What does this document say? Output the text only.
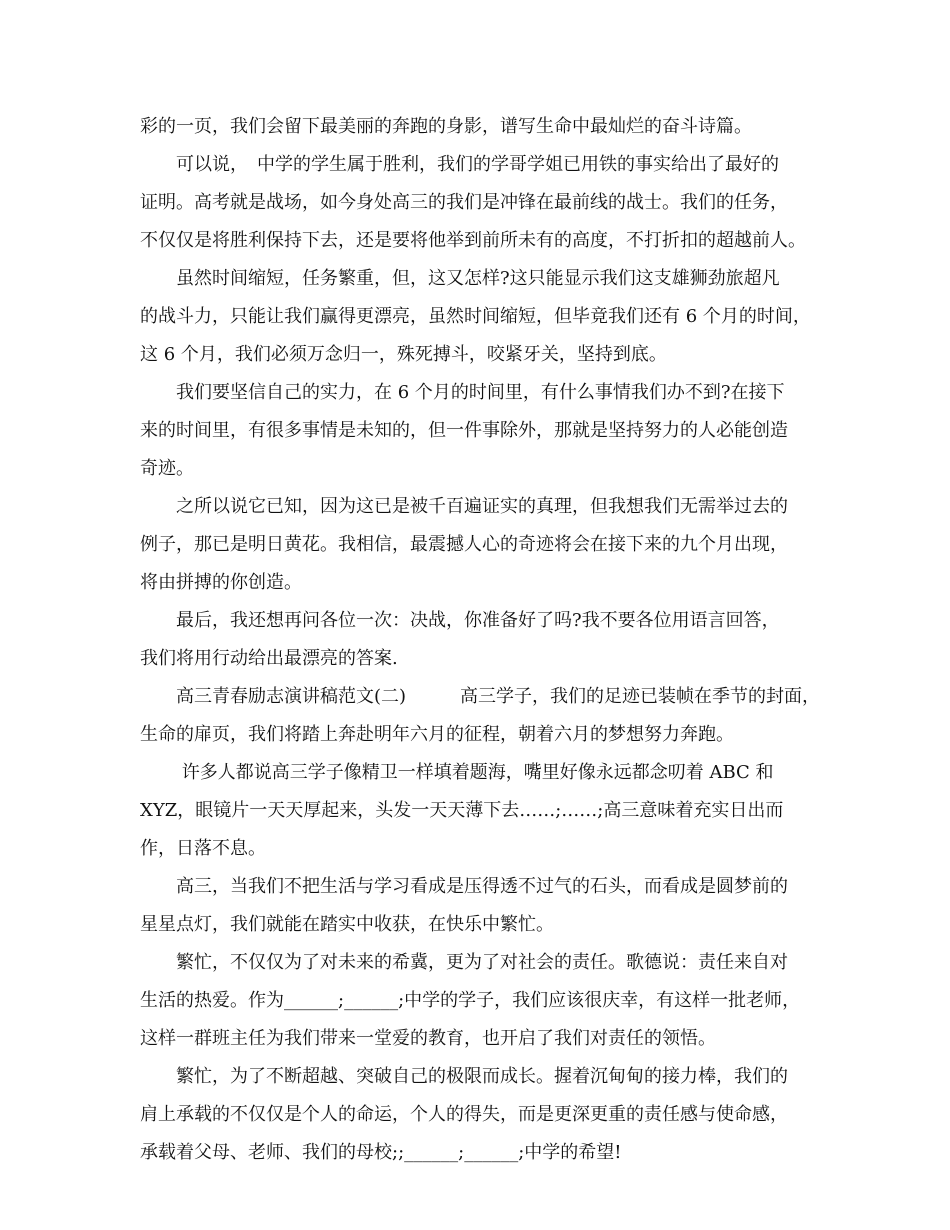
彩的一页，我们会留下最美丽的奔跑的身影，谱写生命中最灿烂的奋斗诗篇。
　　可以说，　中学的学生属于胜利，我们的学哥学姐已用铁的事实给出了最好的
证明。高考就是战场，如今身处高三的我们是冲锋在最前线的战士。我们的任务，
不仅仅是将胜利保持下去，还是要将他举到前所未有的高度，不打折扣的超越前人。
　　虽然时间缩短，任务繁重，但，这又怎样?这只能显示我们这支雄狮劲旅超凡
的战斗力，只能让我们赢得更漂亮，虽然时间缩短，但毕竟我们还有 6 个月的时间，
这 6 个月，我们必须万念归一，殊死搏斗，咬紧牙关，坚持到底。
　　我们要坚信自己的实力，在 6 个月的时间里，有什么事情我们办不到?在接下
来的时间里，有很多事情是未知的，但一件事除外，那就是坚持努力的人必能创造
奇迹。
　　之所以说它已知，因为这已是被千百遍证实的真理，但我想我们无需举过去的
例子，那已是明日黄花。我相信，最震撼人心的奇迹将会在接下来的九个月出现，
将由拼搏的你创造。
　　最后，我还想再问各位一次：决战，你准备好了吗?我不要各位用语言回答，
我们将用行动给出最漂亮的答案.
　　高三青春励志演讲稿范文(二)　　　高三学子，我们的足迹已装帧在季节的封面，
生命的扉页，我们将踏上奔赴明年六月的征程，朝着六月的梦想努力奔跑。
　　 许多人都说高三学子像精卫一样填着题海，嘴里好像永远都念叨着 ABC 和
XYZ，眼镜片一天天厚起来，头发一天天薄下去……;……;高三意味着充实日出而
作，日落不息。
　　高三，当我们不把生活与学习看成是压得透不过气的石头，而看成是圆梦前的
星星点灯，我们就能在踏实中收获，在快乐中繁忙。
　　繁忙，不仅仅为了对未来的希冀，更为了对社会的责任。歌德说：责任来自对
生活的热爱。作为______;______;中学的学子，我们应该很庆幸，有这样一批老师，
这样一群班主任为我们带来一堂爱的教育，也开启了我们对责任的领悟。
　　繁忙，为了不断超越、突破自己的极限而成长。握着沉甸甸的接力棒，我们的
肩上承载的不仅仅是个人的命运，个人的得失，而是更深更重的责任感与使命感，
承载着父母、老师、我们的母校;;______;______;中学的希望!
